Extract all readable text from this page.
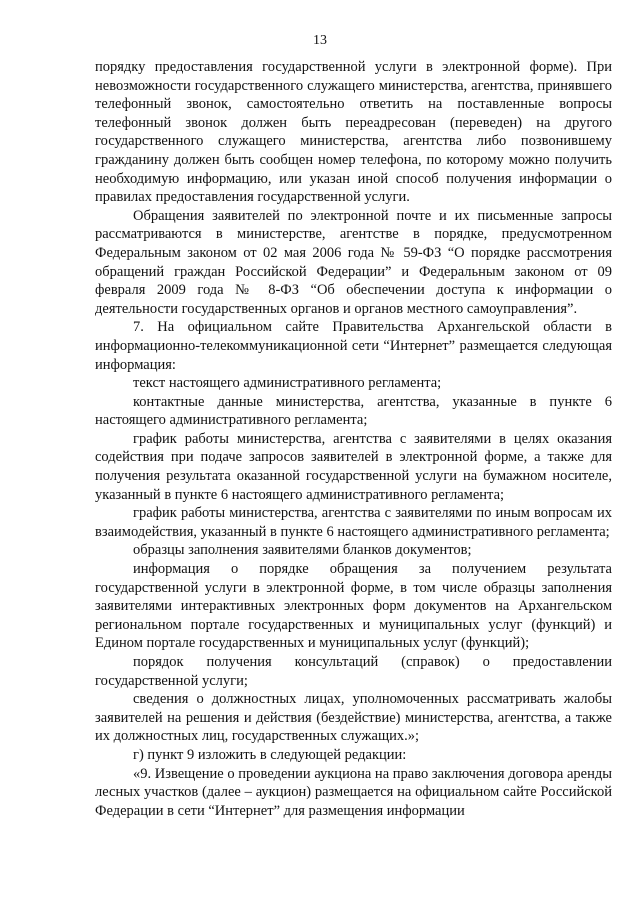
13

порядку предоставления государственной услуги в электронной форме). При невозможности государственного служащего министерства, агентства, принявшего телефонный звонок, самостоятельно ответить на поставленные вопросы телефонный звонок должен быть переадресован (переведен) на другого государственного служащего министерства, агентства либо позвонившему гражданину должен быть сообщен номер телефона, по которому можно получить необходимую информацию, или указан иной способ получения информации о правилах предоставления государственной услуги.

Обращения заявителей по электронной почте и их письменные запросы рассматриваются в министерстве, агентстве в порядке, предусмотренном Федеральным законом от 02 мая 2006 года № 59-ФЗ “О порядке рассмотрения обращений граждан Российской Федерации” и Федеральным законом от 09 февраля 2009 года № 8-ФЗ “Об обеспечении доступа к информации о деятельности государственных органов и органов местного самоуправления”.

7. На официальном сайте Правительства Архангельской области в информационно-телекоммуникационной сети “Интернет” размещается следующая информация:

текст настоящего административного регламента;

контактные данные министерства, агентства, указанные в пункте 6 настоящего административного регламента;

график работы министерства, агентства с заявителями в целях оказания содействия при подаче запросов заявителей в электронной форме, а также для получения результата оказанной государственной услуги на бумажном носителе, указанный в пункте 6 настоящего административного регламента;

график работы министерства, агентства с заявителями по иным вопросам их взаимодействия, указанный в пункте 6 настоящего административного регламента;

образцы заполнения заявителями бланков документов;

информация о порядке обращения за получением результата государственной услуги в электронной форме, в том числе образцы заполнения заявителями интерактивных электронных форм документов на Архангельском региональном портале государственных и муниципальных услуг (функций) и Едином портале государственных и муниципальных услуг (функций);

порядок получения консультаций (справок) о предоставлении государственной услуги;

сведения о должностных лицах, уполномоченных рассматривать жалобы заявителей на решения и действия (бездействие) министерства, агентства, а также их должностных лиц, государственных служащих.»;

г) пункт 9 изложить в следующей редакции:

«9. Извещение о проведении аукциона на право заключения договора аренды лесных участков (далее – аукцион) размещается на официальном сайте Российской Федерации в сети “Интернет” для размещения информации
